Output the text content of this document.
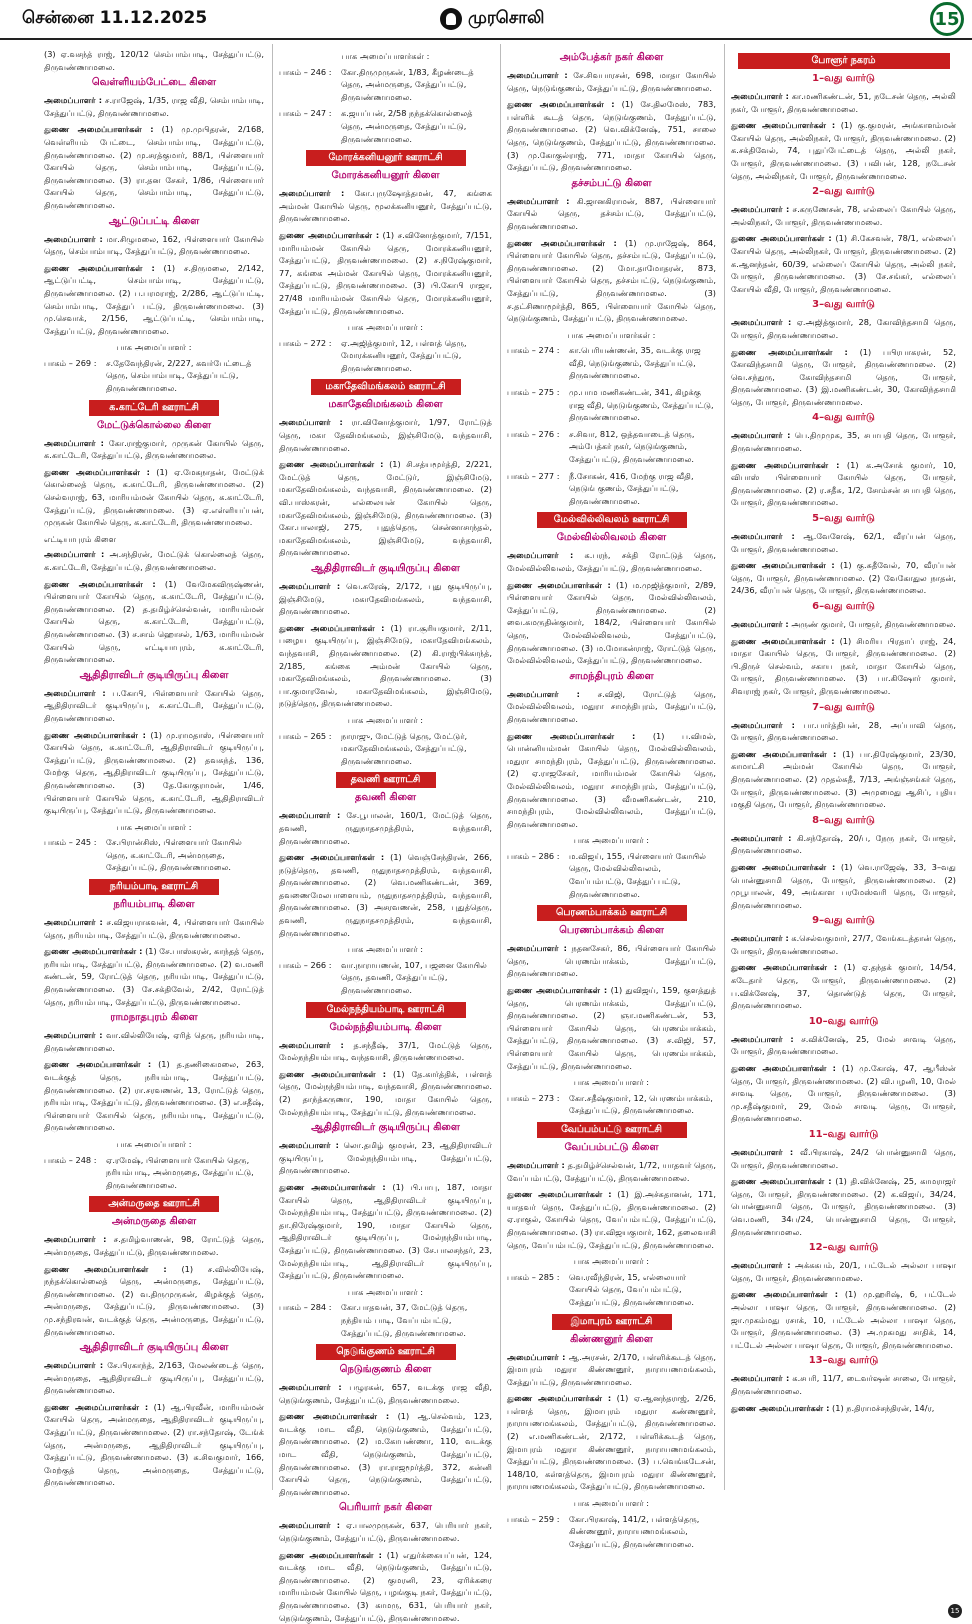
சென்னை 11.12.2025	முரசொலி	15

(3) ஏ.வசந்த் ராஜ், 120/12 செம்பாம்பாடி, சேத்துப்பட்டு, திருவண்ணாமலை.

வெள்ளியம்பேட்டை கிளை

அமைப்பாளர் : ச.ராஜேஷ், 1/35, ராஜ வீதி, செம்பாம்பாடி, சேத்துப்பட்டு, திருவண்ணாமலை.

துணை அமைப்பாளர்கள் : (1) மு.முபிதரன், 2/168, வெள்ளியம் பேட்டை, செம்பாம்பாடி, சேத்துப்பட்டு, திருவண்ணாமலை. (2) மு.சரத்குமார், 88/1, பிள்ளையார் கோயில் தெரு, செம்பாம்பாடி, சேத்துப்பட்டு, திருவண்ணாமலை. (3) ரா.தன சேகர், 1/86, பிள்ளையார் கோயில் தெரு, செம்பாம்பாடி, சேத்துப்பட்டு, திருவண்ணாமலை.

ஆட்டுப்பட்டி கிளை

அமைப்பாளர் : மா.சிழுமலை, 162, பிள்ளையார் கோயில் தெரு, செம்பாம்பாடி, சேத்துப்பட்டு, திருவண்ணாமலை.

துணை அமைப்பாளர்கள் : (1) ச.திருமலை, 2/142, ஆட்டுப்பட்டி, செம்பாம்பாடி, சேத்துப்பட்டு, திருவண்ணாமலை. (2) ப.பரமராஜ், 2/286, ஆட்டுப்பட்டி, செம்பாம்பாடி, சேத்துப் பட்டு, திருவண்ணாமலை. (3) மு.செவாக், 2/156, ஆட்டுப்பட்டி, செம்பாம்பாடி, சேத்துப்பட்டு, திருவண்ணாமலை.

பாக அமைப்பாளர் :
பாகம் – 269 :	ச.தேவேந்திரன், 2/227, கவர்பேட்டைத் தெரு, செம்பாம்பாடி, சேத்துப்பட்டு, திருவண்ணாமலை.
க.காட்டேரி ஊராட்சி
மேட்டுக்கொல்லை கிளை

அமைப்பாளர் : கோ.ராஜ்குமார், முருகன் கோயில் தெரு, க.காட்டேரி, சேத்துப்பட்டு, திருவண்ணாமலை.

துணை அமைப்பாளர்கள் : (1) ஏ.மேகநாதன், மேட்டுக் கொல்லைத் தெரு, க.காட்டேரி, திருவண்ணாமலை. (2) செல்வராஜ், 63, மாரியம்மன் கோயில் தெரு, க.காட்டேரி, சேத்துப்பட்டு, திருவண்ணாமலை. (3) ஏ.எள்ளியப்பன், முருகன் கோயில் தெரு, க.காட்டேரி, திருவண்ணாமலை.

எட்டியாபுரம் கிளை

அமைப்பாளர் : அ.சந்திரன், மேட்டுக் கொல்லைத் தெரு, க.காட்டேரி, சேத்துப்பட்டு, திருவண்ணாமலை.

துணை அமைப்பாளர்கள் : (1) வேமேகவிருஷ்ணன், பிள்ளையார் கோயில் தெரு, க.காட்டேரி, சேத்துப்பட்டு, திருவண்ணாமலை. (2) த.தமிழ்ச்செல்வன், மாரியம்மன் கோயில் தெரு, க.காட்டேரி, சேத்துப்பட்டு, திருவண்ணாமலை. (3) ச.சாம் ஹொசல், 1/63, மாரியம்மன் கோயில் தெரு, எட்டியாபுரம், க.காட்டேரி, திருவண்ணாமலை.

ஆதிதிராவிடர் குடியிருப்பு கிளை

அமைப்பாளர் : ப.கோபி, பிள்ளையார் கோயில் தெரு, ஆதிதிராவிடர் குடியிருப்பு, க.காட்டேரி, சேத்துப்பட்டு, திருவண்ணாமலை.

துணை அமைப்பாளர்கள் : (1) மு.ராமதாஸ், பிள்ளையார் கோயில் தெரு, க.காட்டேரி, ஆதிதிராவிடர் குடியிருப்பு, சேத்துப்பட்டு, திருவண்ணாமலை. (2) தவசுந்த், 136, மேற்கு தெரு, ஆதிதிராவிடர் குடியிருப்பு, சேத்துப்பட்டு, திருவண்ணாமலை. (3) தே.கோகுராமன், 1/46, பிள்ளையார் கோயில் தெரு, க.காட்டேரி, ஆதிதிராவிடர் குடியிருப்பு, சேத்துப்பட்டு, திருவண்ணாமலை.

பாக அமைப்பாளர் :
பாகம் – 245 :	சே.பிரான்சிஸ், பிள்ளையார் கோயில் தெரு, க.காட்டேரி, அன்மருதை, சேத்துப்பட்டு, திருவண்ணாமலை.
நரியம்பாடி ஊராட்சி
நரியம்பாடி கிளை

அமைப்பாளர் : ச.விஜயராகவன், 4, பிள்ளையார் கோயில் தெரு, நரியம்பாடி, சேத்துப்பட்டு, திருவண்ணாமலை.

துணை அமைப்பாளர்கள் : (1) சே.பாஸ்கரன், காந்தத் தெரு, நரியம்பாடி, சேத்துப்பட்டு, திருவண்ணாமலை. (2) வ.மணி கண்டன், 59, ரோட்டுத் தெரு, நரியம்பாடி, சேத்துப்பட்டு, திருவண்ணாமலை. (3) சே.சக்திவேல், 2/42, ரோட்டுத் தெரு, நரியம்பாடி, சேத்துப்பட்டு, திருவண்ணாமலை.

ராமநாதபுரம் கிளை

அமைப்பாளர் : வா.வில்லியேஷ், ஏரித் தெரு, நரியம்பாடி, திருவண்ணாமலை.

துணை அமைப்பாளர்கள் : (1) த.தணிகைமலை, 263, வடக்குத் தெரு, நரியம்பாடி, சேத்துப்பட்டு, திருவண்ணாமலை. (2) ரா.சரவணன், 13, ரோட்டுத் தெரு, நரியம்பாடி, சேத்துப்பட்டு, திருவண்ணாமலை. (3) எ.சதீஷ், பிள்ளையார் கோயில் தெரு, நரியம்பாடி, சேத்துப்பட்டு, திருவண்ணாமலை.

பாக அமைப்பாளர் :
பாகம் – 248 :	ஏ.ரமேஷ், பிள்ளையார் கோயில் தெரு, நரியம்பாடி, அன்மருதை, சேத்துப்பட்டு, திருவண்ணாமலை.
அன்மருதை ஊராட்சி
அன்மருதை கிளை

அமைப்பாளர் : ச.தமிழ்வாணன், 98, ரோட்டுத் தெரு, அன்மருதை, சேத்துப்பட்டு, திருவண்ணாமலை.

துணை அமைப்பாளர்கள் : (1) ச.வில்லியேஷ், நந்தக்கொல்லைத் தெரு, அன்மருதை, சேத்துப்பட்டு, திருவண்ணாமலை. (2) வ.திருமுருகன், கிழக்குத் தெரு, அன்மருதை, சேத்துப்பட்டு, திருவண்ணாமலை. (3) மு.சந்திரவன், வடக்குத் தெரு, அன்மருதை, சேத்துப்பட்டு, திருவண்ணாமலை.

ஆதிதிராவிடர் குடியிருப்பு கிளை

அமைப்பாளர் : சே.பிரகாந்த், 2/163, மேலண்டைத் தெரு, அன்மருதை, ஆதிதிராவிடர் குடியிருப்பு, சேத்துப்பட்டு, திருவண்ணாமலை.

துணை அமைப்பாளர்கள் : (1) ஆ.பிரவீன், மாரியம்மன் கோயில் தெரு, அன்மருதை, ஆதிதிராவிடர் குடியிருப்பு, சேத்துப்பட்டு, திருவண்ணாமலை. (2) ரா.சந்தோஷ், டேங்க் தெரு, அன்மருதை, ஆதிதிராவிடர் குடியிருப்பு, சேத்துப்பட்டு, திருவண்ணாமலை. (3) க.சிவகுமார், 166, மேற்குத் தெரு, அன்மருதை, சேத்துப்பட்டு, திருவண்ணாமலை.

பாக அமைப்பாளர்கள் :
பாகம் – 246 :	கோ.திருமுருகன், 1/83, கீழண்டைத் தெரு, அன்மருதை, சேத்துப்பட்டு, திருவண்ணாமலை.
பாகம் – 247 :	க.ஜயப்பன், 2/58 நந்தக்கொல்லைத் தெரு, அன்மருதை, சேத்துப்பட்டு, திருவண்ணாமலை.
மோரக்கனியனூர் ஊராட்சி
மோரக்கனியனூர் கிளை

அமைப்பாளர் : கோ.புருஷோத்தமன், 47, கங்கை அம்மன் கோயில் தெரு, மூலக்கனியனூர், சேத்துப்பட்டு, திருவண்ணாமலை.

துணை அமைப்பாளர்கள் : (1) ச.வினோத்குமார், 7/151, மாரியம்மன் கோயில் தெரு, மோரக்கனியனூர், சேத்துப்பட்டு, திருவண்ணாமலை. (2) ச.நிரேஷ்குமார், 77, கங்கை அம்மன் கோயில் தெரு, மோரக்கனியனூர், சேத்துப்பட்டு, திருவண்ணாமலை. (3) பி.கோபி ராஜா, 27/48 மாரியம்மன் கோயில் தெரு, மோரக்கனியனூர், சேத்துப்பட்டு, திருவண்ணாமலை.

பாக அமைப்பாளர் :
பாகம் – 272 :	ஏ.அஜித்குமார், 12, பள்ளத் தெரு, மோரக்கனியனூர், சேத்துப்பட்டு, திருவண்ணாமலை.
மகாதேவிமங்கலம் ஊராட்சி
மகாதேவிமங்கலம் கிளை

அமைப்பாளர் : ரா.வினோத்குமார், 1/97, ரோட்டுத் தெரு, மகா தேவிமங்கலம், இஞ்சிமேடு, வந்தவாசி, திருவண்ணாமலை.

துணை அமைப்பாளர்கள் : (1) சி.சத்யமூர்த்தி, 2/221, மேட்டுத் தெரு, மேட்டுர், இஞ்சிமேடு, மகாதேவிமங்கலம், வந்தவாசி, திருவண்ணாமலை. (2) வி.பாஸ்கரன், எல்லையன் கோயில் தெரு, மகாதேவிமங்கலம், இஞ்சிமேடு, திருவண்ணாமலை. (3) கோ.பாலாஜி, 275, புதுத்தெரு, சென்னாசாந்தல், மகாதேவிமங்கலம், இஞ்சிமேடு, வந்தவாசி, திருவண்ணாமலை.

ஆதிதிராவிடர் குடியிருப்பு கிளை

அமைப்பாளர் : வெ.சுரேஷ், 2/172, புது குடியிருப்பு, இஞ்சிமேடு, மகாதேவிமங்கலம், வந்தவாசி, திருவண்ணாமலை.

துணை அமைப்பாளர்கள் : (1) ரா.சூரியகுமார், 2/11, பழைய குடியிருப்பு, இஞ்சிமேடு, மகாதேவிமங்கலம், வந்தவாசி, திருவண்ணாமலை. (2) கி.ராஜ்பிக்காந்த், 2/185, கங்கை அம்மன் கோயில் தெரு, மகாதேவிமங்கலம், திருவண்ணாமலை. (3) பா.குமாரவேல், மகாதேவிமங்கலம், இஞ்சிமேடு, நடுத்தெரு, திருவண்ணாமலை.

பாக அமைப்பாளர் :
பாகம் – 265 :	நாராஜு, மேட்டுத் தெரு, மேட்டுர், மகாதேவிமங்கலம், சேத்துப்பட்டு, திருவண்ணாமலை.
தவணி ஊராட்சி
தவணி கிளை

அமைப்பாளர் : சே.பூபாலன், 160/1, மேட்டுத் தெரு, தவணி, ருதுநாதசமுத்திரம், வந்தவாசி, திருவண்ணாமலை.

துணை அமைப்பாளர்கள் : (1) வெஞ்சேந்திரன், 266, நடுத்தெரு, தவணி, ருதுநாதசமுத்திரம், வந்தவாசி, திருவண்ணாமலை. (2) வெ.மணிகண்டன், 369, தவணைமேலபாளையம், ருதுநாதசமுத்திரம், வந்தவாசி, திருவண்ணாமலை. (3) அசரவணன், 258, புதுத்தெரு, தவணி, ருதுநாதசமுத்திரம், வந்தவாசி, திருவண்ணாமலை.

பாக அமைப்பாளர் :
பாகம் – 266 :	வா.நாராயணன், 107, பஜனை கோயில் தெரு, தவணி, சேத்துப்பட்டு, திருவண்ணாமலை.
மேல்நந்தியம்பாடி ஊராட்சி
மேல்நந்தியம்பாடி கிளை

அமைப்பாளர் : த.சந்தீஷ், 37/1, மேட்டுத் தெரு, மேல்நந்தியம்பாடி, வந்தவாசி, திருவண்ணாமலை.

துணை அமைப்பாளர்கள் : (1) தே.கார்த்திக், பள்ளத் தெரு, மேல்நந்தியம்பாடி, வந்தவாசி, திருவண்ணாமலை. (2) தாந்த்கருணா, 190, மாதா கோயில் தெரு, மேல்நந்தியம்பாடி, சேத்துப்பட்டு, திருவண்ணாமலை.

ஆதிதிராவிடர் குடியிருப்பு கிளை

அமைப்பாளர் : லொ.தமிழ் குமரன், 23, ஆதிதிராவிடர் குடியிருப்பு, மேல்நந்தியம்பாடி, சேத்துப்பட்டு, திருவண்ணாமலை.

துணை அமைப்பாளர்கள் : (1) பி.பாபு, 187, மாதா கோயில் தெரு, ஆதிதிராவிடர் குடியிருப்பு, மேல்நந்தியம்பாடி, சேத்துப்பட்டு, திருவண்ணாமலை. (2) தா.நிரேஷ்குமார், 190, மாதா கோயில் தெரு, ஆதிதிராவிடர் குடியிருப்பு, மேல்நந்தியம்பாடி, சேத்துப்பட்டு, திருவண்ணாமலை. (3) சே.பாலசந்தர், 23, மேல்நந்தியம்பாடி, ஆதிதிராவிடர் குடியிருப்பு, சேத்துப்பட்டு, திருவண்ணாமலை.

பாக அமைப்பாளர் :
பாகம் – 284 :	கோ.பாதவன், 37, மேட்டுத் தெரு, நந்தியம் பாடி, வேப்பம்பட்டு, சேத்துப்பட்டு, திருவண்ணாமலை.
நெடுங்குணம் ஊராட்சி
நெடுங்குணம் கிளை

அமைப்பாளர் : பழுரகன், 657, வடக்கு ராஜ வீதி, நெடுங்குணம், சேத்துப்பட்டு, திருவண்ணாமலை.

துணை அமைப்பாளர்கள் : (1) ஆ.செல்வம், 123, வடக்கு மாட வீதி, நெடுங்குணம், சேத்துப்பட்டு, திருவண்ணாமலை. (2) ம.கோபண்ணா, 110, வடக்கு மாட வீதி, நெடுங்குணம், சேத்துப்பட்டு, திருவண்ணாமலை. (3) ரா.ராஜமூர்த்தி, 372, கன்னி கோயில் தெரு, நெடுங்குணம், சேத்துப்பட்டு, திருவண்ணாமலை.

பெரியார் நகர் கிளை

அமைப்பாளர் : ஏ.பாலமுருகன், 637, பெரியார் நகர், நெடுங்குணம், சேத்துப்பட்டு, திருவண்ணாமலை.

துணை அமைப்பாளர்கள் : (1) எதுர்க்கையப்பன், 124, வடக்கு மாட வீதி, நெடுங்குணம், சேத்துப்பட்டு, திருவண்ணாமலை. (2) குமரனி, 23, ஏரிக்கரை மாரியம்மன் கோயில் தெரு, பழங்குடி நகர், சேத்துப்பட்டு, திருவண்ணாமலை. (3) காமரு, 631, பெரியார் நகர், நெடுங்குணம், சேத்துப்பட்டு, திருவண்ணாமலை.

அம்பேத்கர் நகர் கிளை

அமைப்பாளர் : சே.சிவபாரசன், 698, மாதா கோயில் தெரு, நெடுங்குணம், சேத்துப்பட்டு, திருவண்ணாமலை.

துணை அமைப்பாளர்கள் : (1) சே.திலமேஸ், 783, பள்ளிக் கூடத் தெரு, நெடுங்குணம், சேத்துப்பட்டு, திருவண்ணாமலை. (2) வெ.விக்னேஷ், 751, சாலை தெரு, நெடுங்குணம், சேத்துப்பட்டு, திருவண்ணாமலை. (3) மு.கோகுல்ராஜ், 771, மாதா கோயில் தெரு, சேத்துப்பட்டு, திருவண்ணாமலை.

தச்சம்பட்டு கிளை

அமைப்பாளர் : கி.ஜானகிராமன், 887, பிள்ளையார் கோயில் தெரு, தச்சம்பட்டு, சேத்துப்பட்டு, திருவண்ணாமலை.

துணை அமைப்பாளர்கள் : (1) மு.ராஜேஷ், 864, பிள்ளையார் கோயில் தெரு, தச்சம்பட்டு, சேத்துப்பட்டு, திருவண்ணாமலை. (2) மோ.தாமோதரன், 873, பிள்ளையார் கோயில் தெரு, தச்சம்பட்டு, நெடுங்குணம், சேத்துப்பட்டு, திருவண்ணாமலை. (3) ச.தட்சிணாமூர்த்தி, 865, பிள்ளையார் கோயில் தெரு, நெடுங்குணம், சேத்துப்பட்டு, திருவண்ணாமலை.

பாக அமைப்பாளர்கள் :
பாகம் – 274 :	கா.பெரியண்ணன், 35, வடக்கு ராஜ வீதி, நெடுங்குணம், சேத்துப்பட்டு, திருவண்ணாமலை.
பாகம் – 275 :	மு.பாம மணிகண்டன், 341, கிழக்கு ராஜ வீதி, நெடுங்குணம், சேத்துப்பட்டு, திருவண்ணாமலை.
பாகம் – 276 :	ச.சிவா, 812, ஒத்தவாடைத் தெரு, அம்பேத்கர் நகர், நெடுங்குணம், சேத்துப்பட்டு, திருவண்ணாமலை.
பாகம் – 277 :	நீ.சோகன், 416, மேற்கு ராஜ வீதி, நெடுங் குணம், சேத்துப்பட்டு, திருவண்ணாமலை.
மேல்வில்லிவலம் ஊராட்சி
மேல்வில்லிவலம் கிளை

அமைப்பாளர் : க.பரந், சக்தி ரோட்டுத் தெரு, மேல்வில்லிவலம், சேத்துப்பட்டு, திருவண்ணாமலை.

துணை அமைப்பாளர்கள் : (1) ம.முஜித்குமார், 2/89, பிள்ளையார் கோயில் தெரு, மேல்வில்லிவலம், சேத்துப்பட்டு, திருவண்ணாமலை. (2) வை.கமருதின்குமார், 184/2, பிள்ளையார் கோயில் தெரு, மேல்வில்லிவலம், சேத்துப்பட்டு, திருவண்ணாமலை. (3) ம.மோகன்ராஜ், ரோட்டுத் தெரு, மேல்வில்லிவலம், சேத்துப்பட்டு, திருவண்ணாமலை.

சாமந்திபுரம் கிளை

அமைப்பாளர் : ச.விஜி, ரோட்டுத் தெரு, மேல்வில்லிவலம், மதுரா சாமந்திபுரம், சேத்துப்பட்டு, திருவண்ணாமலை.

துணை அமைப்பாளர்கள் : (1) ப.விமல், பொன்னியம்மன் கோயில் தெரு, மேல்வில்லிவலம், மதுரா சாமந்திபுரம், சேத்துப்பட்டு, திருவண்ணாமலை. (2) ஏ.ராஜசேகர், மாரியம்மன் கோயில் தெரு, மேல்வில்லிவலம், மதுரா சாமந்திபுரம், சேத்துப்பட்டு, திருவண்ணாமலை. (3) வீமணிகண்டன், 210, சாமந்திபுரம், மேல்வில்லிவலம், சேத்துப்பட்டு, திருவண்ணாமலை.

பாக அமைப்பாளர் :
பாகம் – 286 :	ம.விஜய், 155, பிள்ளையார் கோயில் தெரு, மேல்வில்லிவலம், வேப்பம்பட்டு, சேத்துப் பட்டு, திருவண்ணாமலை.
பெரணம்பாக்கம் ஊராட்சி
பெரணம்பாக்கம் கிளை

அமைப்பாளர் : நதனசேகர், 86, பிள்ளையார் கோயில் தெரு, பெரணம்பாக்கம், சேத்துப்பட்டு, திருவண்ணாமலை.

துணை அமைப்பாளர்கள் : (1) துவிஜய், 159, குளத்துத் தெரு, பெரணம்பாக்கம், சேத்துப்பட்டு, திருவண்ணாமலை. (2) ஞா.மணிகண்டன், 53, பிள்ளையார் கோயில் தெரு, பெரணம்பாக்கம், சேத்துப்பட்டு, திருவண்ணாமலை. (3) ச.விஜி, 57, பிள்ளையார் கோயில் தெரு, பெரணம்பாக்கம், சேத்துப்பட்டு, திருவண்ணாமலை.

பாக அமைப்பாளர் :
பாகம் – 273 :	கோ.சதீஷ்குமார், 12, பெரணம்பாக்கம், சேத்துப்பட்டு, திருவண்ணாமலை.
வேப்பம்பட்டு ஊராட்சி
வேப்பம்பட்டு கிளை

அமைப்பாளர் : த.தமிழ்ச்செல்வன், 1/72, யாதவர் தெரு, வேப்பம்பட்டு, சேத்துப்பட்டு, திருவண்ணாமலை.

துணை அமைப்பாளர்கள் : (1) இ.அச்சுதானன், 171, யாதவர் தெரு, சேத்துப்பட்டு, திருவண்ணாமலை. (2) ஏ.ராகுல், கோயில் தெரு, வேப்பம்பட்டு, சேத்துப்பட்டு, திருவண்ணாமலை. (3) ரா.விஜயகுமார், 162, தலைவாசி தெரு, வேப்பம்பட்டு, சேத்துப்பட்டு, திருவண்ணாமலை.

பாக அமைப்பாளர் :
பாகம் – 285 :	வெ.ரவீந்திரன், 15, எல்லையார் கோயில் தெரு, வேப்பம்பட்டு, சேத்துப்பட்டு, திருவண்ணாமலை.
இமாபுரம் ஊராட்சி
கிண்ணனூர் கிளை

அமைப்பாளர் : ஆ.அரசன், 2/170, பள்ளிக்கூடத் தெரு, இமாபுரம் மதுரா கிண்ணனூர், நாராயணமங்கலம், சேத்துப்பட்டு, திருவண்ணாமலை.

துணை அமைப்பாளர்கள் : (1) ஏ.ஆனந்தராஜ், 2/26, பள்ளத் தெரு, இமாபுரம் மதுரா கண்ணனூர், நாராயணமங்கலம், சேத்துப்பட்டு, திருவண்ணாமலை. (2) எ.மணிகண்டன், 2/172, பள்ளிக்கூடத் தெரு, இமாபுரம் மதுரா கிண்ணனூர், நாராயணமங்கலம், சேத்துப்பட்டு, திருவண்ணாமலை. (3) ப.வெங்கடேசன், 148/10, கள்ளத்தெரு, இமாபுரம் மதுரா கிண்ணனூர், நாராயணமங்கலம், சேத்துப்பட்டு, திருவண்ணாமலை.

பாக அமைப்பாளர் :
பாகம் – 259 :	கோ.பிரகாஷ், 141/2, பள்ளத்தெரு, கிண்ணனூர், நாராயணமங்கலம், சேத்துப்பட்டு, திருவண்ணாமலை.
போளூர் நகரம்
1–வது வார்டு

அமைப்பாளர் : கா.மணிகண்டன், 51, நடேசன் தெரு, அல்லி நகர், போளூர், திருவண்ணாமலை.

துணை அமைப்பாளர்கள் : (1) கு.குமரன், அங்காளம்மன் கோயில் தெரு, அல்லிநகர், போளூர், திருவண்ணாமலை. (2) க.சக்திவேல், 74, புதுப்பேட்டைத் தெரு, அல்லி நகர், போளூர், திருவண்ணாமலை. (3) பவிபன், 128, நடேசன் தெரு, அல்லிநகர், போளூர், திருவண்ணாமலை.

2–வது வார்டு

அமைப்பாளர் : ச.கருணேசன், 78, எல்லைப் கோயில் தெரு, அல்லிநகர், போளூர், திருவண்ணாமலை.

துணை அமைப்பாளர்கள் : (1) சி.கேசவன், 78/1, எல்லைப் கோயில் தெரு, அல்லிநகர், போளூர், திருவண்ணாமலை. (2) க.ஆனந்தன், 60/39, எல்லைப் கோயில் தெரு, அல்லி நகர், போளூர், திருவண்ணாமலை. (3) சே.சங்கர், எல்லைப் கோயில் வீதி, போளூர், திருவண்ணாமலை.

3–வது வார்டு

அமைப்பாளர் : ஏ.அஜித்குமார், 28, கோவிந்தசாமி தெரு, போளூர், திருவண்ணாமலை.

துணை அமைப்பாளர்கள் : (1) பபிரபாகரன், 52, கோவிந்தசாமி தெரு, போளூர், திருவண்ணாமலை. (2) வெ.சந்துரு, கோவிந்தசாமி தெரு, போளூர், திருவண்ணாமலை. (3) இ.மணிகண்டன், 30, கோவிந்தசாமி தெரு, போளூர், திருவண்ணாமலை.

4–வது வார்டு

அமைப்பாளர் : பெ.திமுமுக, 35, சபாபதி தெரு, போளூர், திருவண்ணாமலை.

துணை அமைப்பாளர்கள் : (1) க.அசோக் குமார், 10, விபாஸ் பிள்ளையார் கோயில் தெரு, போளூர், திருவண்ணாமலை. (2) ர.சதீசு, 1/2, சோம்சன் சபாபதி தெரு, போளூர், திருவண்ணாமலை.

5–வது வார்டு

அமைப்பாளர் : ஆ.வேளேஷ், 62/1, வீரப்பன் தெரு, போளூர், திருவண்ணாமலை.

துணை அமைப்பாளர்கள் : (1) கு.சுதீவேல், 70, வீரப்பன் தெரு, போளூர், திருவண்ணாமலை. (2) வேகோதுல நாதன், 24/36, வீரப்பன் தெரு, போளூர், திருவண்ணாமலை.

6–வது வார்டு

அமைப்பாளர் : அருண் குமார், போளூர், திருவண்ணாமலை.

துணை அமைப்பாளர்கள் : (1) சிமரிய பிரதாப் ராஜ், 24, மாதா கோயில் தெரு, போளூர், திருவண்ணாமலை. (2) பி.திருச் செல்வம், சகாய நகர், மாதா கோயில் தெரு, போளூர், திருவண்ணாமலை. (3) பா.கிஷோர் குமார், சிவராஜ் நகர், போளூர், திருவண்ணாமலை.

7–வது வார்டு

அமைப்பாளர் : பா.பார்த்திபன், 28, அப்பாவி தெரு, போளூர், திருவண்ணாமலை.

துணை அமைப்பாளர்கள் : (1) பா.திரேஷ்குமார், 23/30, காமாட்சி அம்மன் கோயில் தெரு, போளூர், திருவண்ணாமலை. (2) முதல்சுதீ, 7/13, அங்ஞ்சங்கர் தெரு, போளூர், திருவண்ணாமலை. (3) அமுமைது ஆசிப், புதிய மகுதி தெரு, போளூர், திருவண்ணாமலை.

8–வது வார்டு

அமைப்பாளர் : கி.சந்தோஷ், 20/ப, நேரு நகர், போளூர், திருவண்ணாமலை.

துணை அமைப்பாளர்கள் : (1) வெ.ராஜேஷ், 33, 3–வது பொன்னுசாமி தெரு, போளூர், திருவண்ணாமலை. (2) முபூபாலன், 49, அங்காள பரமேஸ்வரி தெரு, போளூர், திருவண்ணாமலை.

9–வது வார்டு

அமைப்பாளர் : க.செல்வகுமார், 27/7, வேங்கடத்தான் தெரு, போளூர், திருவண்ணாமலை.

துணை அமைப்பாளர்கள் : (1) ஏ.தந்தக் குமார், 14/54, கடேதார் தெரு, போளூர், திருவண்ணாமலை. (2) ப.விக்னேஷ், 37, தொண்டுத் தெரு, போளூர், திருவண்ணாமலை.

10–வது வார்டு

அமைப்பாளர் : ச.விக்னேஷ், 25, மேல் சாவடி தெரு, போளூர், திருவண்ணாமலை.

துணை அமைப்பாளர்கள் : (1) மு.கோஷ், 47, ஆபீஸ்ன் தெரு, போளூர், திருவண்ணாமலை. (2) வி.பழனி, 10, மேல் சாவடி தெரு, போளூர், திருவண்ணாமலை. (3) மு.சதீஷ்குமார், 29, மேல் சாவடி தெரு, போளூர், திருவண்ணாமலை.

11–வது வார்டு

அமைப்பாளர் : வீ.பிரகாஷ், 24/2 பொன்னுசாமி தெரு, போளூர், திருவண்ணாமலை.

துணை அமைப்பாளர்கள் : (1) தி.விக்னேஷ், 25, காமராஜர் தெரு, போளூர், திருவண்ணாமலை. (2) க.விஜய், 34/24, பொன்னுசாமி தெரு, போளூர், திருவண்ணாமலை. (3) வெ.மணி, 34ப/24, பொன்னுசாமி தெரு, போளூர், திருவண்ணாமலை.

12–வது வார்டு

அமைப்பாளர் : அக்ககபம், 20/1, பட்டேல் அல்லா பாஷா தெரு, போளூர், திருவண்ணாமலை.

துணை அமைப்பாளர்கள் : (1) மு.ஹரிஷ், 6, பட்டேல் அல்லா பாஷா தெரு, போளூர், திருவண்ணாமலை. (2) ஜா.முகம்மது ரசாக், 10, பட்டேல் அல்லா பாஷா தெரு, போளூர், திருவண்ணாமலை. (3) அ.முகமது சாதிக், 14, பட்டேல் அல்லா பாஷா தெரு, போளூர், திருவண்ணாமலை.

13–வது வார்டு

அமைப்பாளர் : க.சபரி, 11/7, டைவர்ஷன் சாலை, போளூர், திருவண்ணாமலை.

துணை அமைப்பாளர்கள் : (1) ந.திராமச்சந்திரன், 14/ர,

15
